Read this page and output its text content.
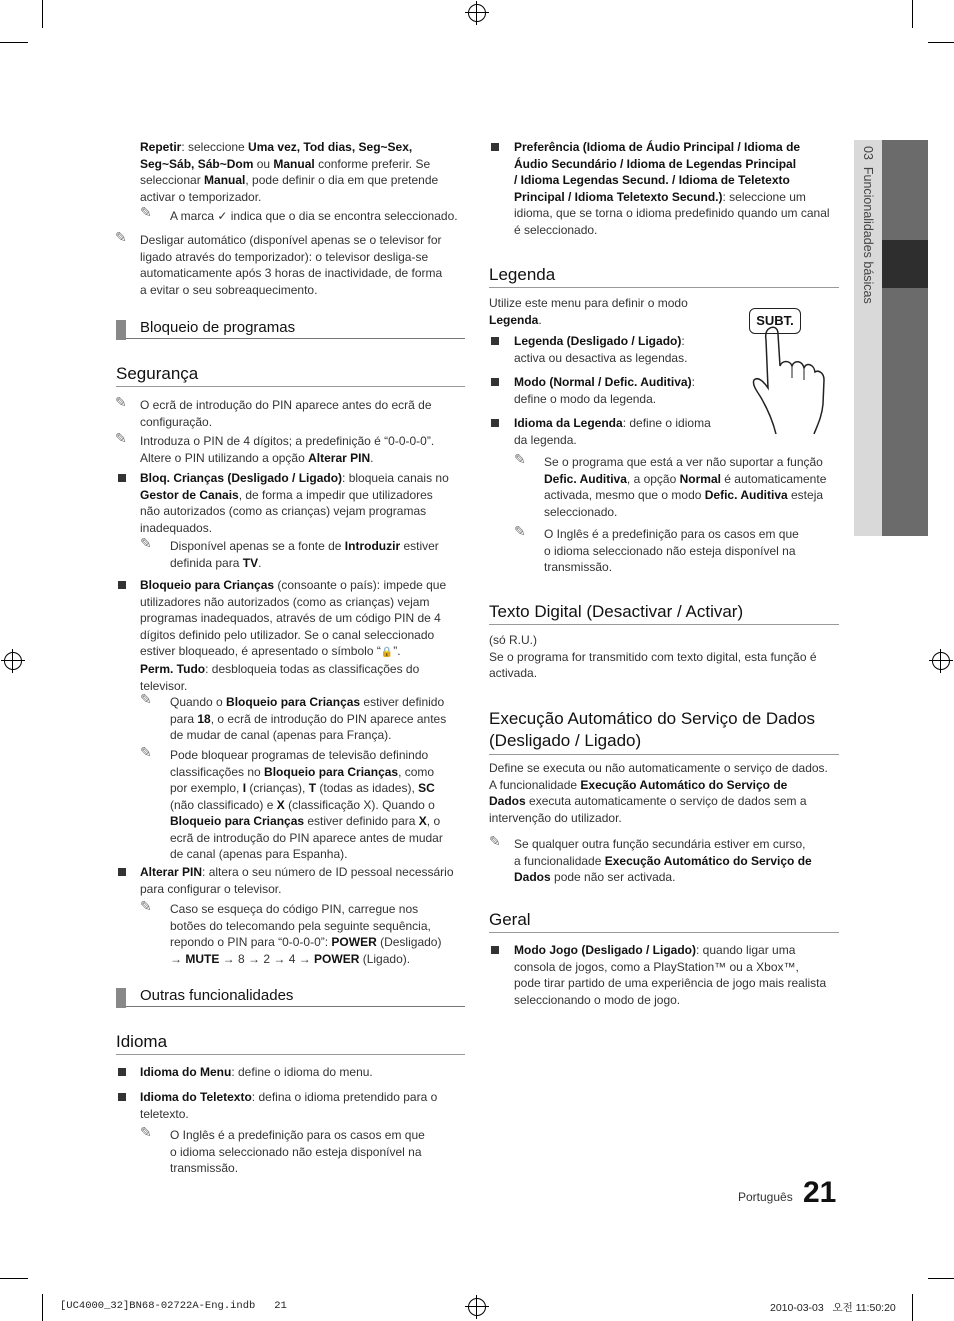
03  Funcionalidades básicas
Repetir: seleccione Uma vez, Tod dias, Seg~Sex,
Seg~Sáb, Sáb~Dom ou Manual conforme preferir. Se
seleccionar Manual, pode definir o dia em que pretende
activar o temporizador.
✎ A marca ✓ indica que o dia se encontra seleccionado.
✎ Desligar automático (disponível apenas se o televisor for
ligado através do temporizador): o televisor desliga-se
automaticamente após 3 horas de inactividade, de forma
a evitar o seu sobreaquecimento.
Bloqueio de programas
Segurança
✎ O ecrã de introdução do PIN aparece antes do ecrã de
configuração.
✎ Introduza o PIN de 4 dígitos; a predefinição é “0-0-0-0”.
Altere o PIN utilizando a opção Alterar PIN.
Bloq. Crianças (Desligado / Ligado): bloqueia canais no
Gestor de Canais, de forma a impedir que utilizadores
não autorizados (como as crianças) vejam programas
inadequados.
✎ Disponível apenas se a fonte de Introduzir estiver
definida para TV.
Bloqueio para Crianças (consoante o país): impede que
utilizadores não autorizados (como as crianças) vejam
programas inadequados, através de um código PIN de 4
dígitos definido pelo utilizador. Se o canal seleccionado
estiver bloqueado, é apresentado o símbolo “🔒”.
Perm. Tudo: desbloqueia todas as classificações do
televisor.
✎ Quando o Bloqueio para Crianças estiver definido
para 18, o ecrã de introdução do PIN aparece antes
de mudar de canal (apenas para França).
✎ Pode bloquear programas de televisão definindo
classificações no Bloqueio para Crianças, como
por exemplo, I (crianças), T (todas as idades), SC
(não classificado) e X (classificação X). Quando o
Bloqueio para Crianças estiver definido para X, o
ecrã de introdução do PIN aparece antes de mudar
de canal (apenas para Espanha).
Alterar PIN: altera o seu número de ID pessoal necessário
para configurar o televisor.
✎ Caso se esqueça do código PIN, carregue nos
botões do telecomando pela seguinte sequência,
repondo o PIN para “0-0-0-0”: POWER (Desligado)
→ MUTE → 8 → 2 → 4 → POWER (Ligado).
Outras funcionalidades
Idioma
Idioma do Menu: define o idioma do menu.
Idioma do Teletexto: defina o idioma pretendido para o
teletexto.
✎ O Inglês é a predefinição para os casos em que
o idioma seleccionado não esteja disponível na
transmissão.
Preferência (Idioma de Áudio Principal / Idioma de
Áudio Secundário / Idioma de Legendas Principal
/ Idioma Legendas Secund. / Idioma de Teletexto
Principal / Idioma Teletexto Secund.): seleccione um
idioma, que se torna o idioma predefinido quando um canal
é seleccionado.
Legenda
Utilize este menu para definir o modo
Legenda.	SUBT.
Legenda (Desligado / Ligado):
activa ou desactiva as legendas.
Modo (Normal / Defic. Auditiva):
define o modo da legenda.
Idioma da Legenda: define o idioma
da legenda.
✎ Se o programa que está a ver não suportar a função
Defic. Auditiva, a opção Normal é automaticamente
activada, mesmo que o modo Defic. Auditiva esteja
seleccionado.
✎ O Inglês é a predefinição para os casos em que
o idioma seleccionado não esteja disponível na
transmissão.
Texto Digital (Desactivar / Activar)
(só R.U.)
Se o programa for transmitido com texto digital, esta função é
activada.
Execução Automático do Serviço de Dados
(Desligado / Ligado)
Define se executa ou não automaticamente o serviço de dados.
A funcionalidade Execução Automático do Serviço de
Dados executa automaticamente o serviço de dados sem a
intervenção do utilizador.
✎ Se qualquer outra função secundária estiver em curso,
a funcionalidade Execução Automático do Serviço de
Dados pode não ser activada.
Geral
Modo Jogo (Desligado / Ligado): quando ligar uma
consola de jogos, como a PlayStation™ ou a Xbox™,
pode tirar partido de uma experiência de jogo mais realista
seleccionando o modo de jogo.
Português 21
[UC4000_32]BN68-02722A-Eng.indb   21	2010-03-03   오전 11:50:20
